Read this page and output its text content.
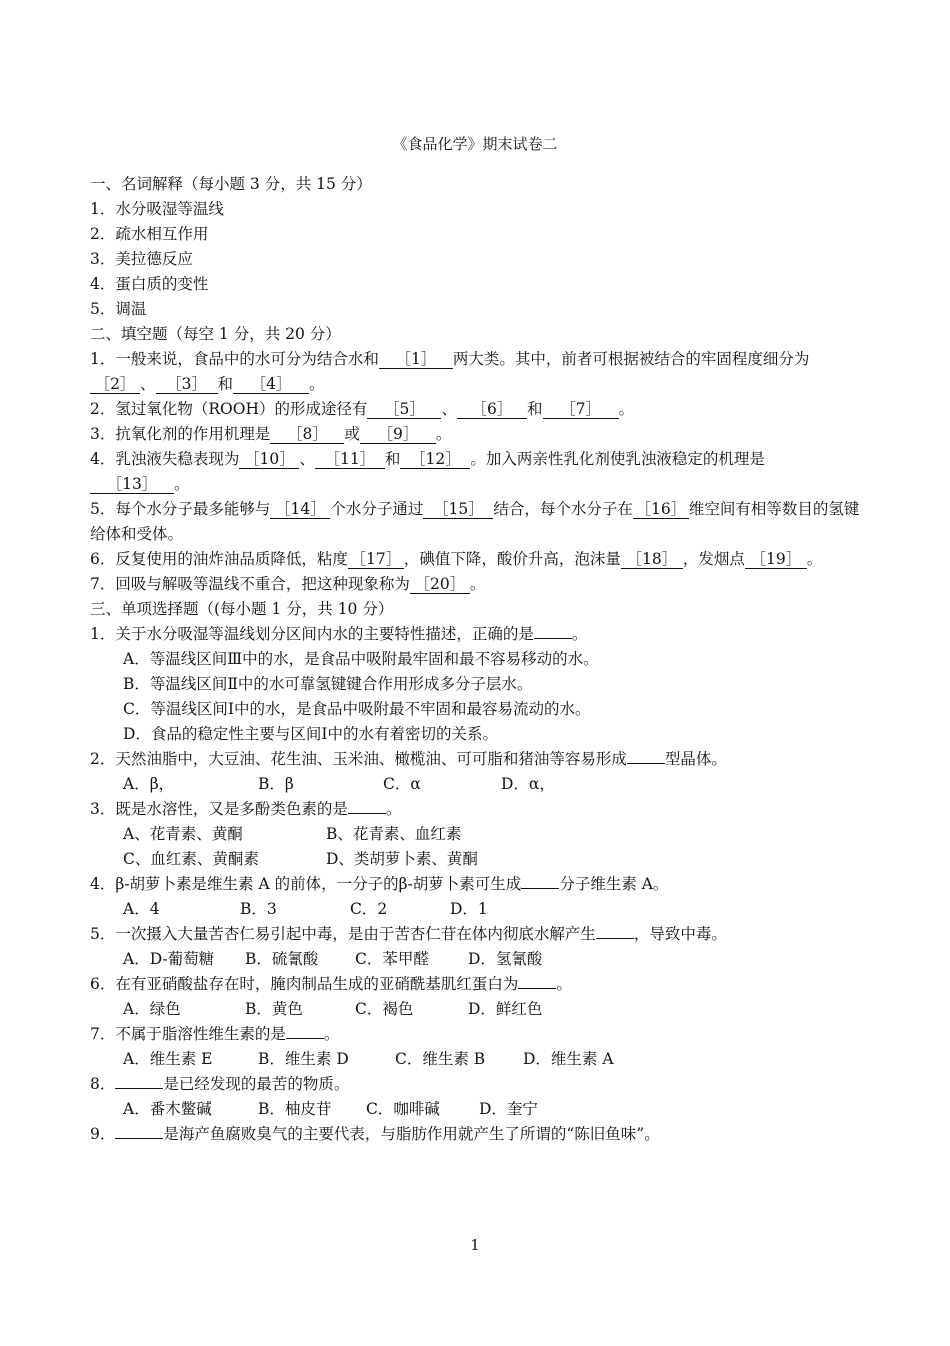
《食品化学》期末试卷二
一、名词解释（每小题 3 分，共 15 分）
1．水分吸湿等温线
2．疏水相互作用
3．美拉德反应
4．蛋白质的变性
5．调温
二、填空题（每空 1 分，共 20 分）
1．一般来说，食品中的水可分为结合水和 ［1］ 两大类。其中，前者可根据被结合的牢固程度细分为
［2］ 、 ［3］ 和 ［4］ 。
2．氢过氧化物（ROOH）的形成途径有 ［5］ 、 ［6］ 和 ［7］ 。
3．抗氧化剂的作用机理是 ［8］ 或 ［9］ 。
4．乳浊液失稳表现为 ［10］ 、 ［11］ 和 ［12］ 。加入两亲性乳化剂使乳浊液稳定的机理是
［13］ 。
5．每个水分子最多能够与 ［14］ 个水分子通过 ［15］ 结合，每个水分子在 ［16］ 维空间有相等数目的氢键给体和受体。
6．反复使用的油炸油品质降低，粘度 ［17］ ，碘值下降，酸价升高，泡沫量 ［18］ ，发烟点 ［19］ 。
7．回吸与解吸等温线不重合，把这种现象称为 ［20］ 。
三、单项选择题（(每小题 1 分，共 10 分）
1．关于水分吸湿等温线划分区间内水的主要特性描述，正确的是 。
A．等温线区间Ⅲ中的水，是食品中吸附最牢固和最不容易移动的水。
B．等温线区间Ⅱ中的水可靠氢键键合作用形成多分子层水。
C．等温线区间Ⅰ中的水，是食品中吸附最不牢固和最容易流动的水。
D．食品的稳定性主要与区间Ⅰ中的水有着密切的关系。
2．天然油脂中，大豆油、花生油、玉米油、橄榄油、可可脂和猪油等容易形成 型晶体。
A．β，	B．β	C．α	D．α，
3．既是水溶性，又是多酚类色素的是 。
A、花青素、黄酮	B、花青素、血红素
C、血红素、黄酮素	D、类胡萝卜素、黄酮
4．β-胡萝卜素是维生素 A 的前体，一分子的β-胡萝卜素可生成 分子维生素 A。
A．4	B．3	C．2	D．1
5．一次摄入大量苦杏仁易引起中毒，是由于苦杏仁苷在体内彻底水解产生 ，导致中毒。
A．D-葡萄糖 B．硫氰酸 C．苯甲醛	D．氢氰酸
6．在有亚硝酸盐存在时，腌肉制品生成的亚硝酰基肌红蛋白为 。
A．绿色	B．黄色	C．褐色	D．鲜红色
7．不属于脂溶性维生素的是 。
A．维生素 E	B．维生素 D	C．维生素 B D．维生素 A
8．	是已经发现的最苦的物质。
A．番木鳖碱	B．柚皮苷 C．咖啡碱	D．奎宁
9．	是海产鱼腐败臭气的主要代表，与脂肪作用就产生了所谓的“陈旧鱼味”。
1
